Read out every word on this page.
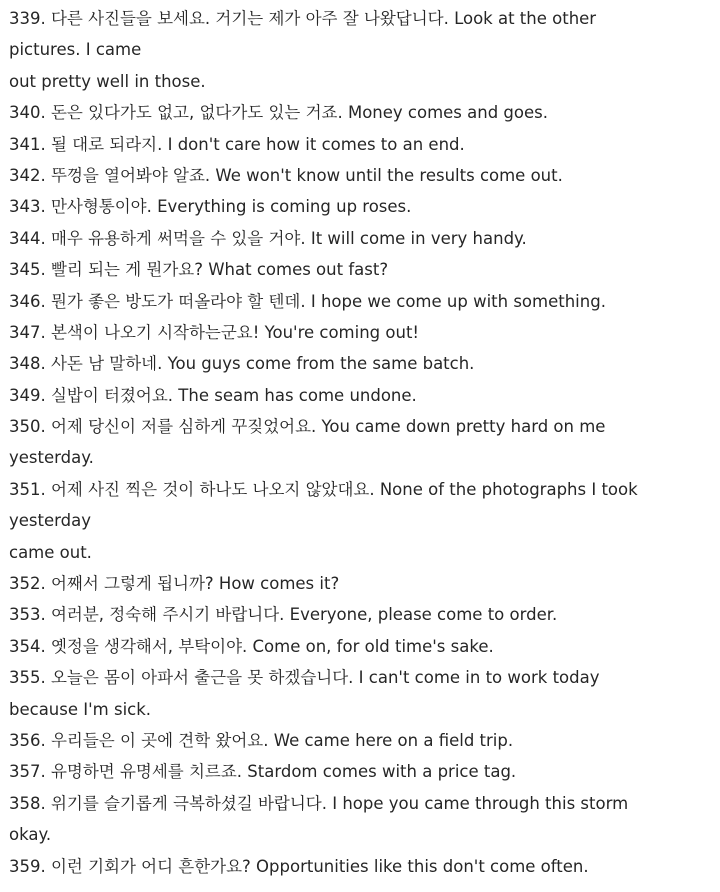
339. 다른 사진들을 보세요. 거기는 제가 아주 잘 나왔답니다. Look at the other
pictures. I came
out pretty well in those.
340. 돈은 있다가도 없고, 없다가도 있는 거죠. Money comes and goes.
341. 될 대로 되라지. I don't care how it comes to an end.
342. 뚜껑을 열어봐야 알죠. We won't know until the results come out.
343. 만사형통이야. Everything is coming up roses.
344. 매우 유용하게 써먹을 수 있을 거야. It will come in very handy.
345. 빨리 되는 게 뭔가요? What comes out fast?
346. 뭔가 좋은 방도가 떠올라야 할 텐데. I hope we come up with something.
347. 본색이 나오기 시작하는군요! You're coming out!
348. 사돈 남 말하네. You guys come from the same batch.
349. 실밥이 터졌어요. The seam has come undone.
350. 어제 당신이 저를 심하게 꾸짖었어요. You came down pretty hard on me
yesterday.
351. 어제 사진 찍은 것이 하나도 나오지 않았대요. None of the photographs I took
yesterday
came out.
352. 어째서 그렇게 됩니까? How comes it?
353. 여러분, 정숙해 주시기 바랍니다. Everyone, please come to order.
354. 옛정을 생각해서, 부탁이야. Come on, for old time's sake.
355. 오늘은 몸이 아파서 출근을 못 하겠습니다. I can't come in to work today
because I'm sick.
356. 우리들은 이 곳에 견학 왔어요. We came here on a field trip.
357. 유명하면 유명세를 치르죠. Stardom comes with a price tag.
358. 위기를 슬기롭게 극복하셨길 바랍니다. I hope you came through this storm
okay.
359. 이런 기회가 어디 흔한가요? Opportunities like this don't come often.
